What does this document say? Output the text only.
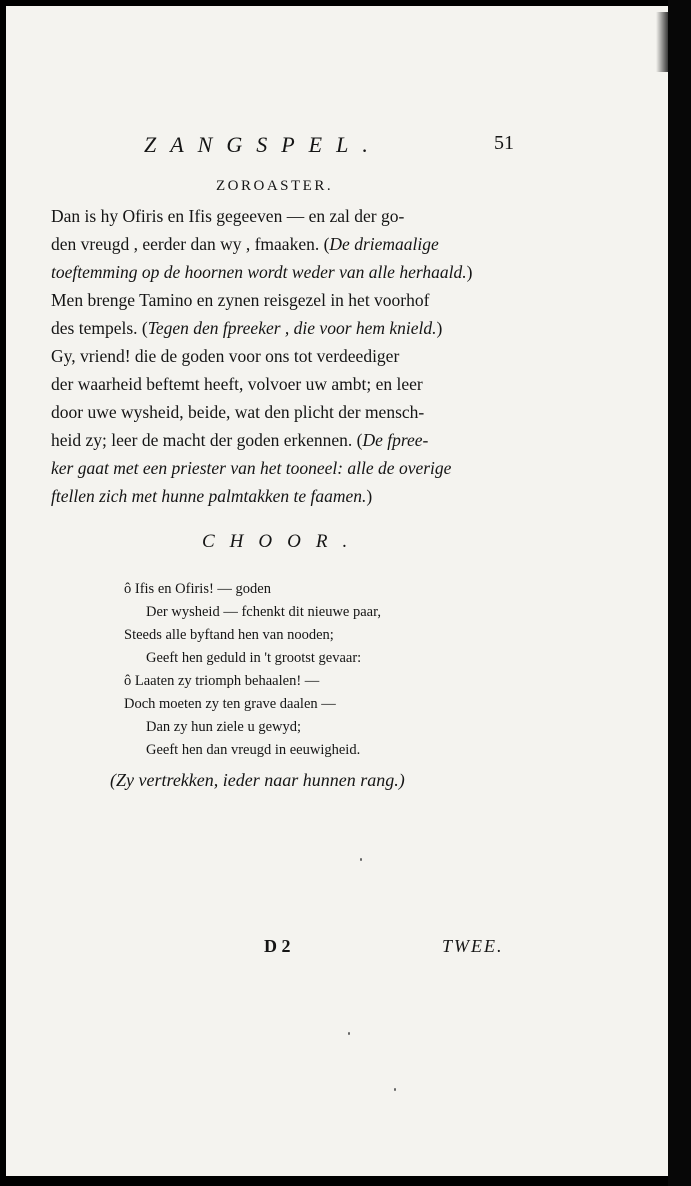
ZANGSPEL.	51
ZOROASTER.
Dan is hy Ofiris en Ifis gegeeven — en zal der go-
den vreugd , eerder dan wy , fmaaken. (De driemaalige
toeftemming op de hoornen wordt weder van alle herhaald.)
Men brenge Tamino en zynen reisgezel in het voorhof
des tempels. (Tegen den fpreeker , die voor hem knield.)
Gy, vriend! die de goden voor ons tot verdeediger
der waarheid beftemt heeft, volvoer uw ambt; en leer
door uwe wysheid, beide, wat den plicht der mensch-
heid zy; leer de macht der goden erkennen. (De fpree-
ker gaat met een priester van het tooneel: alle de overige
ftellen zich met hunne palmtakken te faamen.)
CHOOR.
ô Ifis en Ofiris! — goden
Der wysheid — fchenkt dit nieuwe paar,
Steeds alle byftand hen van nooden;
Geeft hen geduld in 't grootst gevaar:
ô Laaten zy triomph behaalen! —
Doch moeten zy ten grave daalen —
Dan zy hun ziele u gewyd;
Geeft hen dan vreugd in eeuwigheid.
(Zy vertrekken, ieder naar hunnen rang.)
D 2	TWEE.
